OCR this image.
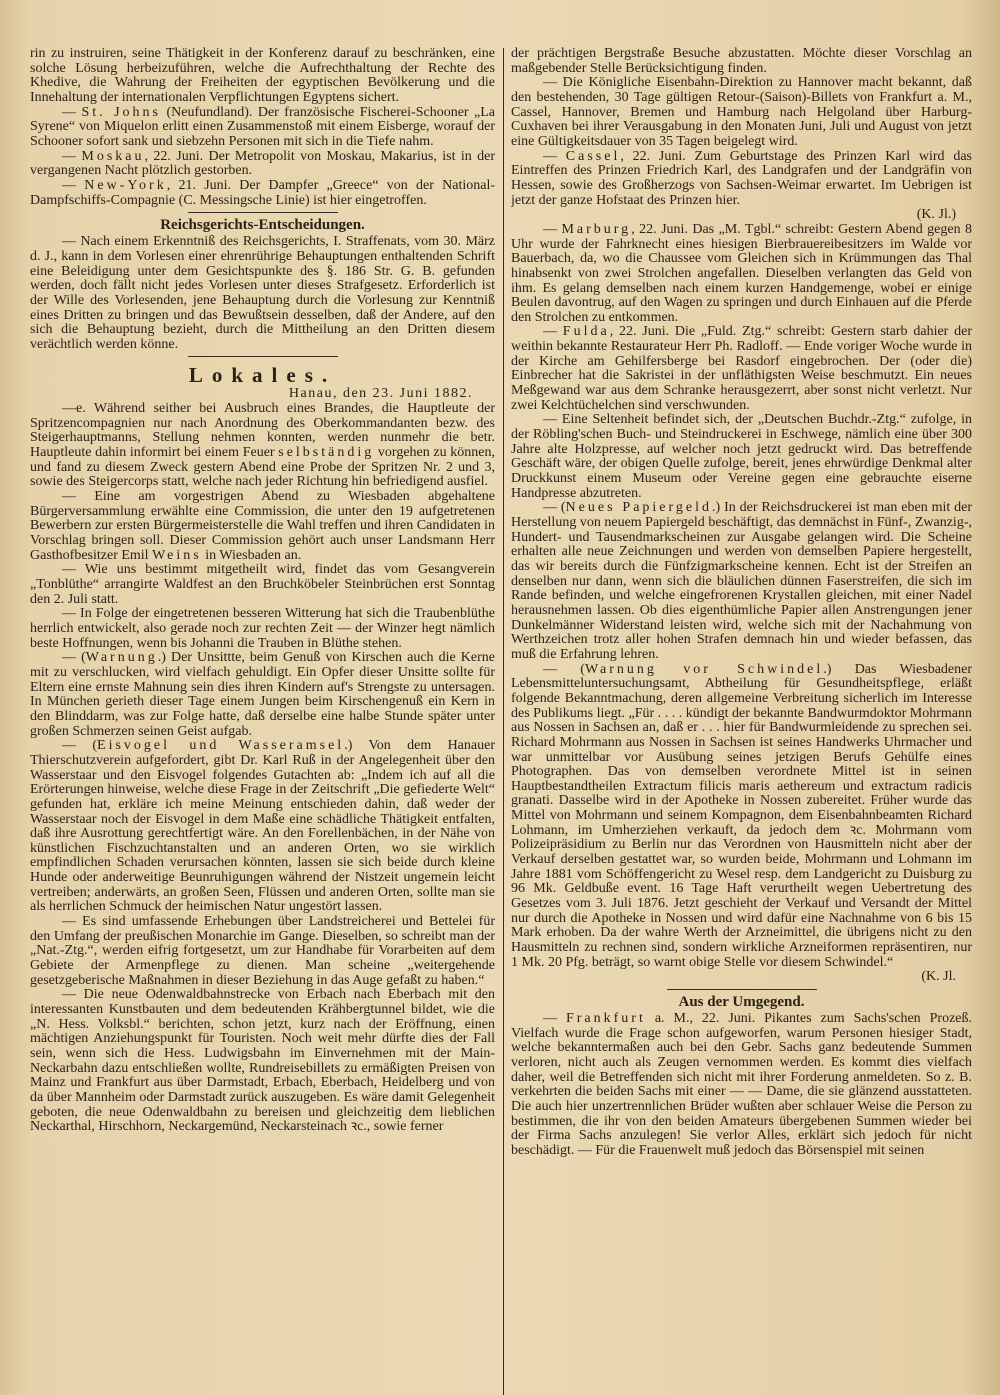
rin zu instruiren, seine Thätigkeit in der Konferenz darauf zu beschränken, eine solche Lösung herbeizuführen, welche die Aufrechthaltung der Rechte des Khedive, die Wahrung der Freiheiten der egyptischen Bevölkerung und die Innehaltung der internationalen Verpflichtungen Egyptens sichert.

— St. Johns (Neufundland). Der französische Fischerei-Schooner „La Syrene“ von Miquelon erlitt einen Zusammenstoß mit einem Eisberge, worauf der Schooner sofort sank und siebzehn Personen mit sich in die Tiefe nahm.

— Moskau, 22. Juni. Der Metropolit von Moskau, Makarius, ist in der vergangenen Nacht plötzlich gestorben.

— New-York, 21. Juni. Der Dampfer „Greece“ von der National-Dampfschiffs-Compagnie (C. Messingsche Linie) ist hier eingetroffen.

Reichsgerichts-Entscheidungen.

— Nach einem Erkenntniß des Reichsgerichts, I. Straffenats, vom 30. März d. J., kann in dem Vorlesen einer ehrenrührige Behauptungen enthaltenden Schrift eine Beleidigung unter dem Gesichtspunkte des §. 186 Str. G. B. gefunden werden, doch fällt nicht jedes Vorlesen unter dieses Strafgesetz. Erforderlich ist der Wille des Vorlesenden, jene Behauptung durch die Vorlesung zur Kenntniß eines Dritten zu bringen und das Bewußtsein desselben, daß der Andere, auf den sich die Behauptung bezieht, durch die Mittheilung an den Dritten diesem verächtlich werden könne.

Lokales.
Hanau, den 23. Juni 1882.

—e. Während seither bei Ausbruch eines Brandes, die Hauptleute der Spritzencompagnien nur nach Anordnung des Oberkommandanten bezw. des Steigerhauptmanns, Stellung nehmen konnten, werden nunmehr die betr. Hauptleute dahin informirt bei einem Feuer selbständig vorgehen zu können, und fand zu diesem Zweck gestern Abend eine Probe der Spritzen Nr. 2 und 3, sowie des Steigercorps statt, welche nach jeder Richtung hin befriedigend ausfiel.

— Eine am vorgestrigen Abend zu Wiesbaden abgehaltene Bürgerversammlung erwählte eine Commission, die unter den 19 aufgetretenen Bewerbern zur ersten Bürgermeisterstelle die Wahl treffen und ihren Candidaten in Vorschlag bringen soll. Dieser Commission gehört auch unser Landsmann Herr Gasthofbesitzer Emil Weins in Wiesbaden an.

— Wie uns bestimmt mitgetheilt wird, findet das vom Gesangverein „Tonblüthe“ arrangirte Waldfest an den Bruchköbeler Steinbrüchen erst Sonntag den 2. Juli statt.

— In Folge der eingetretenen besseren Witterung hat sich die Traubenblüthe herrlich entwickelt, also gerade noch zur rechten Zeit — der Winzer hegt nämlich beste Hoffnungen, wenn bis Johanni die Trauben in Blüthe stehen.

— (Warnung.) Der Unsittte, beim Genuß von Kirschen auch die Kerne mit zu verschlucken, wird vielfach gehuldigt. Ein Opfer dieser Unsitte sollte für Eltern eine ernste Mahnung sein dies ihren Kindern auf's Strengste zu untersagen. In München gerieth dieser Tage einem Jungen beim Kirschengenuß ein Kern in den Blinddarm, was zur Folge hatte, daß derselbe eine halbe Stunde später unter großen Schmerzen seinen Geist aufgab.

— (Eisvogel und Wasseramsel.) Von dem Hanauer Thierschutzverein aufgefordert, gibt Dr. Karl Ruß in der Angelegenheit über den Wasserstaar und den Eisvogel folgendes Gutachten ab: „Indem ich auf all die Erörterungen hinweise, welche diese Frage in der Zeitschrift „Die gefiederte Welt“ gefunden hat, erkläre ich meine Meinung entschieden dahin, daß weder der Wasserstaar noch der Eisvogel in dem Maße eine schädliche Thätigkeit entfalten, daß ihre Ausrottung gerechtfertigt wäre. An den Forellenbächen, in der Nähe von künstlichen Fischzuchtanstalten und an anderen Orten, wo sie wirklich empfindlichen Schaden verursachen könnten, lassen sie sich beide durch kleine Hunde oder anderweitige Beunruhigungen während der Nistzeit ungemein leicht vertreiben; anderwärts, an großen Seen, Flüssen und anderen Orten, sollte man sie als herrlichen Schmuck der heimischen Natur ungestört lassen.

— Es sind umfassende Erhebungen über Landstreicherei und Bettelei für den Umfang der preußischen Monarchie im Gange. Dieselben, so schreibt man der „Nat.-Ztg.“, werden eifrig fortgesetzt, um zur Handhabe für Vorarbeiten auf dem Gebiete der Armenpflege zu dienen. Man scheine „weitergehende gesetzgeberische Maßnahmen in dieser Beziehung in das Auge gefaßt zu haben.“

— Die neue Odenwaldbahnstrecke von Erbach nach Eberbach mit den interessanten Kunstbauten und dem bedeutenden Krähbergtunnel bildet, wie die „N. Hess. Volksbl.“ berichten, schon jetzt, kurz nach der Eröffnung, einen mächtigen Anziehungspunkt für Touristen. Noch weit mehr dürfte dies der Fall sein, wenn sich die Hess. Ludwigsbahn im Einvernehmen mit der Main-Neckarbahn dazu entschließen wollte, Rundreisebillets zu ermäßigten Preisen von Mainz und Frankfurt aus über Darmstadt, Erbach, Eberbach, Heidelberg und von da über Mannheim oder Darmstadt zurück auszugeben. Es wäre damit Gelegenheit geboten, die neue Odenwaldbahn zu bereisen und gleichzeitig dem lieblichen Neckarthal, Hirschhorn, Neckargemünd, Neckarsteinach ꝛc., sowie ferner

der prächtigen Bergstraße Besuche abzustatten. Möchte dieser Vorschlag an maßgebender Stelle Berücksichtigung finden.

— Die Königliche Eisenbahn-Direktion zu Hannover macht bekannt, daß den bestehenden, 30 Tage gültigen Retour-(Saison)-Billets von Frankfurt a. M., Cassel, Hannover, Bremen und Hamburg nach Helgoland über Harburg-Cuxhaven bei ihrer Verausgabung in den Monaten Juni, Juli und August von jetzt eine Gültigkeitsdauer von 35 Tagen beigelegt wird.

— Cassel, 22. Juni. Zum Geburtstage des Prinzen Karl wird das Eintreffen des Prinzen Friedrich Karl, des Landgrafen und der Landgräfin von Hessen, sowie des Großherzogs von Sachsen-Weimar erwartet. Im Uebrigen ist jetzt der ganze Hofstaat des Prinzen hier.

(K. Jl.)

— Marburg, 22. Juni. Das „M. Tgbl.“ schreibt: Gestern Abend gegen 8 Uhr wurde der Fahrknecht eines hiesigen Bierbrauereibesitzers im Walde vor Bauerbach, da, wo die Chaussee vom Gleichen sich in Krümmungen das Thal hinabsenkt von zwei Strolchen angefallen. Dieselben verlangten das Geld von ihm. Es gelang demselben nach einem kurzen Handgemenge, wobei er einige Beulen davontrug, auf den Wagen zu springen und durch Einhauen auf die Pferde den Strolchen zu entkommen.

— Fulda, 22. Juni. Die „Fuld. Ztg.“ schreibt: Gestern starb dahier der weithin bekannte Restaurateur Herr Ph. Radloff. — Ende voriger Woche wurde in der Kirche am Gehilfersberge bei Rasdorf eingebrochen. Der (oder die) Einbrecher hat die Sakristei in der unfläthigsten Weise beschmutzt. Ein neues Meßgewand war aus dem Schranke herausgezerrt, aber sonst nicht verletzt. Nur zwei Kelchtüchelchen sind verschwunden.

— Eine Seltenheit befindet sich, der „Deutschen Buchdr.-Ztg.“ zufolge, in der Röbling'schen Buch- und Steindruckerei in Eschwege, nämlich eine über 300 Jahre alte Holzpresse, auf welcher noch jetzt gedruckt wird. Das betreffende Geschäft wäre, der obigen Quelle zufolge, bereit, jenes ehrwürdige Denkmal alter Druckkunst einem Museum oder Vereine gegen eine gebrauchte eiserne Handpresse abzutreten.

— (Neues Papiergeld.) In der Reichsdruckerei ist man eben mit der Herstellung von neuem Papiergeld beschäftigt, das demnächst in Fünf-, Zwanzig-, Hundert- und Tausendmarkscheinen zur Ausgabe gelangen wird. Die Scheine erhalten alle neue Zeichnungen und werden von demselben Papiere hergestellt, das wir bereits durch die Fünfzigmarkscheine kennen. Echt ist der Streifen an denselben nur dann, wenn sich die bläulichen dünnen Faserstreifen, die sich im Rande befinden, und welche eingefrorenen Krystallen gleichen, mit einer Nadel herausnehmen lassen. Ob dies eigenthümliche Papier allen Anstrengungen jener Dunkelmänner Widerstand leisten wird, welche sich mit der Nachahmung von Werthzeichen trotz aller hohen Strafen demnach hin und wieder befassen, das muß die Erfahrung lehren.

— (Warnung vor Schwindel.) Das Wiesbadener Lebensmitteluntersuchungsamt, Abtheilung für Gesundheitspflege, erläßt folgende Bekanntmachung, deren allgemeine Verbreitung sicherlich im Interesse des Publikums liegt. „Für . . . . kündigt der bekannte Bandwurmdoktor Mohrmann aus Nossen in Sachsen an, daß er . . . hier für Bandwurmleidende zu sprechen sei. Richard Mohrmann aus Nossen in Sachsen ist seines Handwerks Uhrmacher und war unmittelbar vor Ausübung seines jetzigen Berufs Gehülfe eines Photographen. Das von demselben verordnete Mittel ist in seinen Hauptbestandtheilen Extractum filicis maris aethereum und extractum radicis granati. Dasselbe wird in der Apotheke in Nossen zubereitet. Früher wurde das Mittel von Mohrmann und seinem Kompagnon, dem Eisenbahnbeamten Richard Lohmann, im Umherziehen verkauft, da jedoch dem ꝛc. Mohrmann vom Polizeipräsidium zu Berlin nur das Verordnen von Hausmitteln nicht aber der Verkauf derselben gestattet war, so wurden beide, Mohrmann und Lohmann im Jahre 1881 vom Schöffengericht zu Wesel resp. dem Landgericht zu Duisburg zu 96 Mk. Geldbuße event. 16 Tage Haft verurtheilt wegen Uebertretung des Gesetzes vom 3. Juli 1876. Jetzt geschieht der Verkauf und Versandt der Mittel nur durch die Apotheke in Nossen und wird dafür eine Nachnahme von 6 bis 15 Mark erhoben. Da der wahre Werth der Arzneimittel, die übrigens nicht zu den Hausmitteln zu rechnen sind, sondern wirkliche Arzneiformen repräsentiren, nur 1 Mk. 20 Pfg. beträgt, so warnt obige Stelle vor diesem Schwindel.“

(K. Jl.
Aus der Umgegend.

— Frankfurt a. M., 22. Juni. Pikantes zum Sachs'schen Prozeß. Vielfach wurde die Frage schon aufgeworfen, warum Personen hiesiger Stadt, welche bekanntermaßen auch bei den Gebr. Sachs ganz bedeutende Summen verloren, nicht auch als Zeugen vernommen werden. Es kommt dies vielfach daher, weil die Betreffenden sich nicht mit ihrer Forderung anmeldeten. So z. B. verkehrten die beiden Sachs mit einer — — Dame, die sie glänzend ausstatteten. Die auch hier unzertrennlichen Brüder wußten aber schlauer Weise die Person zu bestimmen, die ihr von den beiden Amateurs übergebenen Summen wieder bei der Firma Sachs anzulegen! Sie verlor Alles, erklärt sich jedoch für nicht beschädigt. — Für die Frauenwelt muß jedoch das Börsenspiel mit seinen
